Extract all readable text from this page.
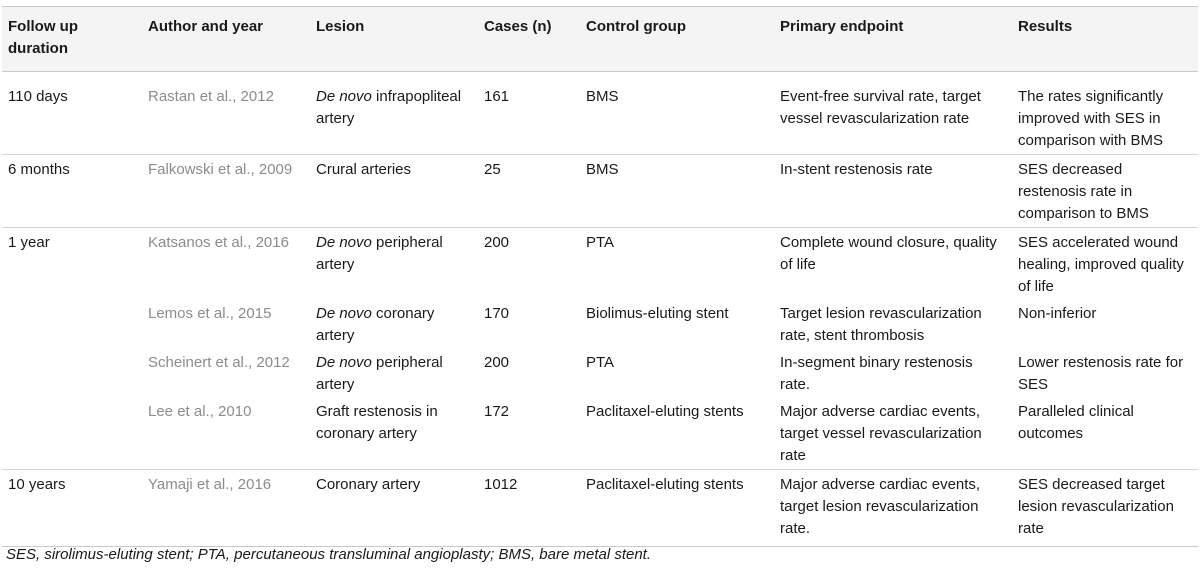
Follow up duration	Author and year	Lesion	Cases (n)	Control group	Primary endpoint	Results
110 days	Rastan et al., 2012	De novo infrapopliteal artery	161	BMS	Event-free survival rate, target vessel revascularization rate	The rates significantly improved with SES in comparison with BMS
6 months	Falkowski et al., 2009	Crural arteries	25	BMS	In-stent restenosis rate	SES decreased restenosis rate in comparison to BMS
1 year	Katsanos et al., 2016	De novo peripheral artery	200	PTA	Complete wound closure, quality of life	SES accelerated wound healing, improved quality of life
	Lemos et al., 2015	De novo coronary artery	170	Biolimus-eluting stent	Target lesion revascularization rate, stent thrombosis	Non-inferior
	Scheinert et al., 2012	De novo peripheral artery	200	PTA	In-segment binary restenosis rate.	Lower restenosis rate for SES
	Lee et al., 2010	Graft restenosis in coronary artery	172	Paclitaxel-eluting stents	Major adverse cardiac events, target vessel revascularization rate	Paralleled clinical outcomes
10 years	Yamaji et al., 2016	Coronary artery	1012	Paclitaxel-eluting stents	Major adverse cardiac events, target lesion revascularization rate.	SES decreased target lesion revascularization rate
SES, sirolimus-eluting stent; PTA, percutaneous transluminal angioplasty; BMS, bare metal stent.
